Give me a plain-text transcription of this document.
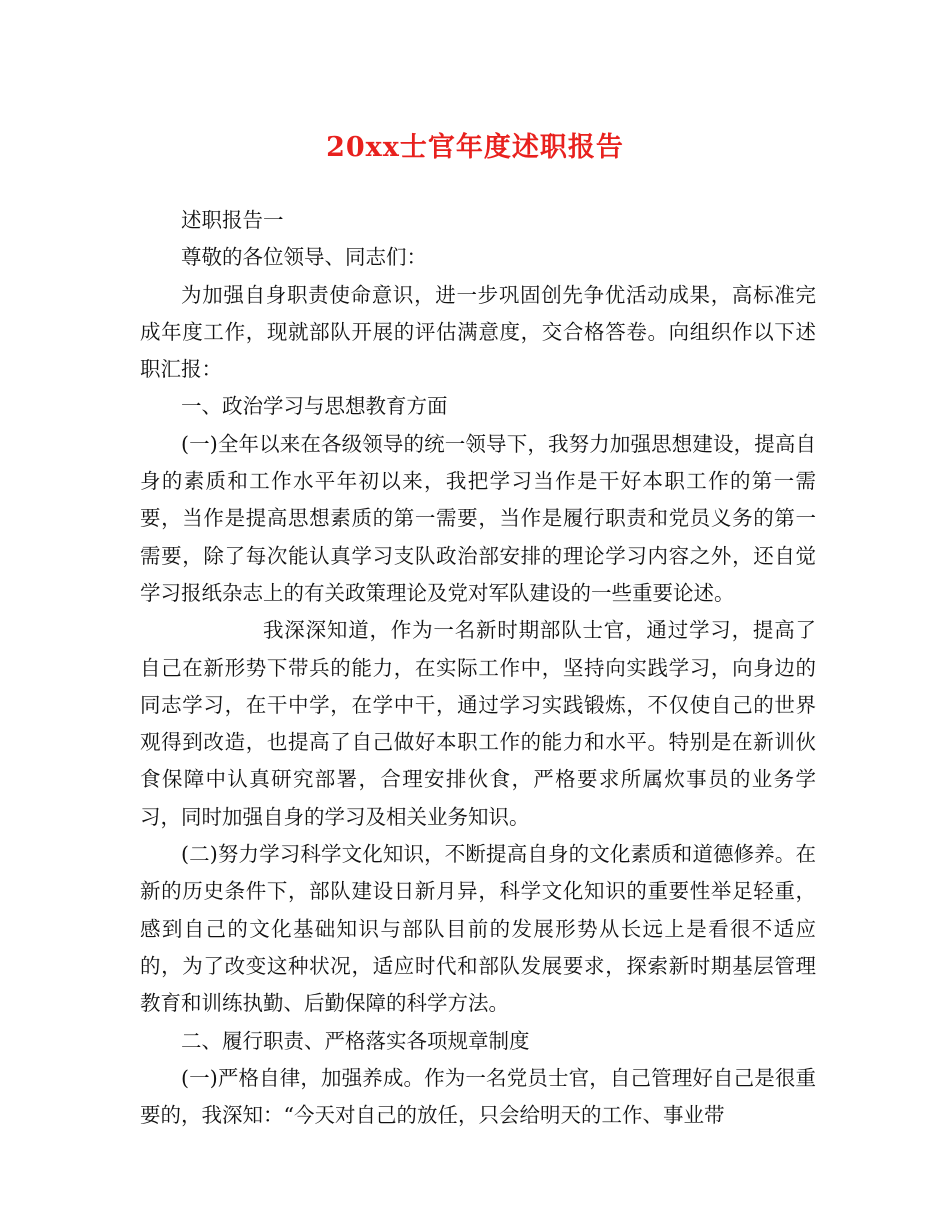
20xx士官年度述职报告

述职报告一

尊敬的各位领导、同志们：

为加强自身职责使命意识，进一步巩固创先争优活动成果，高标准完成年度工作，现就部队开展的评估满意度，交合格答卷。向组织作以下述职汇报：

一、政治学习与思想教育方面

(一)全年以来在各级领导的统一领导下，我努力加强思想建设，提高自身的素质和工作水平年初以来，我把学习当作是干好本职工作的第一需要，当作是提高思想素质的第一需要，当作是履行职责和党员义务的第一需要，除了每次能认真学习支队政治部安排的理论学习内容之外，还自觉学习报纸杂志上的有关政策理论及党对军队建设的一些重要论述。

我深深知道，作为一名新时期部队士官，通过学习，提高了自己在新形势下带兵的能力，在实际工作中，坚持向实践学习，向身边的同志学习，在干中学，在学中干，通过学习实践锻炼，不仅使自己的世界观得到改造，也提高了自己做好本职工作的能力和水平。特别是在新训伙食保障中认真研究部署，合理安排伙食，严格要求所属炊事员的业务学习，同时加强自身的学习及相关业务知识。

(二)努力学习科学文化知识，不断提高自身的文化素质和道德修养。在新的历史条件下，部队建设日新月异，科学文化知识的重要性举足轻重，感到自己的文化基础知识与部队目前的发展形势从长远上是看很不适应的，为了改变这种状况，适应时代和部队发展要求，探索新时期基层管理教育和训练执勤、后勤保障的科学方法。

二、履行职责、严格落实各项规章制度

(一)严格自律，加强养成。作为一名党员士官，自己管理好自己是很重要的，我深知：“今天对自己的放任，只会给明天的工作、事业带
